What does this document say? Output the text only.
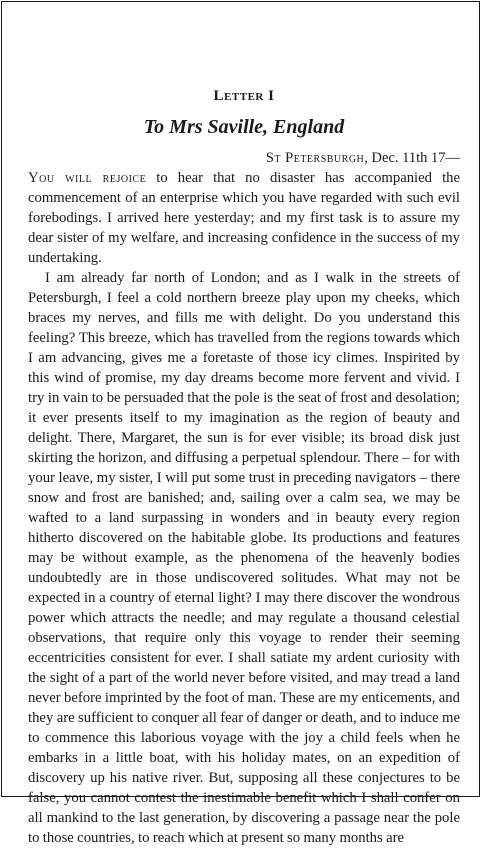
Letter I
To Mrs Saville, England

St Petersburgh, Dec. 11th 17—

You will rejoice to hear that no disaster has accompanied the commencement of an enterprise which you have regarded with such evil forebodings. I arrived here yesterday; and my first task is to assure my dear sister of my welfare, and increasing confidence in the success of my undertaking.

I am already far north of London; and as I walk in the streets of Petersburgh, I feel a cold northern breeze play upon my cheeks, which braces my nerves, and fills me with delight. Do you understand this feeling? This breeze, which has travelled from the regions towards which I am advancing, gives me a foretaste of those icy climes. Inspirited by this wind of promise, my day dreams become more fervent and vivid. I try in vain to be persuaded that the pole is the seat of frost and desolation; it ever presents itself to my imagination as the region of beauty and delight. There, Margaret, the sun is for ever visible; its broad disk just skirting the horizon, and diffusing a perpetual splendour. There – for with your leave, my sister, I will put some trust in preceding navigators – there snow and frost are banished; and, sailing over a calm sea, we may be wafted to a land surpassing in wonders and in beauty every region hitherto discovered on the habitable globe. Its productions and features may be without example, as the phenomena of the heavenly bodies undoubtedly are in those undiscovered solitudes. What may not be expected in a country of eternal light? I may there discover the wondrous power which attracts the needle; and may regulate a thousand celestial observations, that require only this voyage to render their seeming eccentricities consistent for ever. I shall satiate my ardent curiosity with the sight of a part of the world never before visited, and may tread a land never before imprinted by the foot of man. These are my enticements, and they are sufficient to conquer all fear of danger or death, and to induce me to commence this laborious voyage with the joy a child feels when he embarks in a little boat, with his holiday mates, on an expedition of discovery up his native river. But, supposing all these conjectures to be false, you cannot contest the inestimable benefit which I shall confer on all mankind to the last generation, by discovering a passage near the pole to those countries, to reach which at present so many months are
